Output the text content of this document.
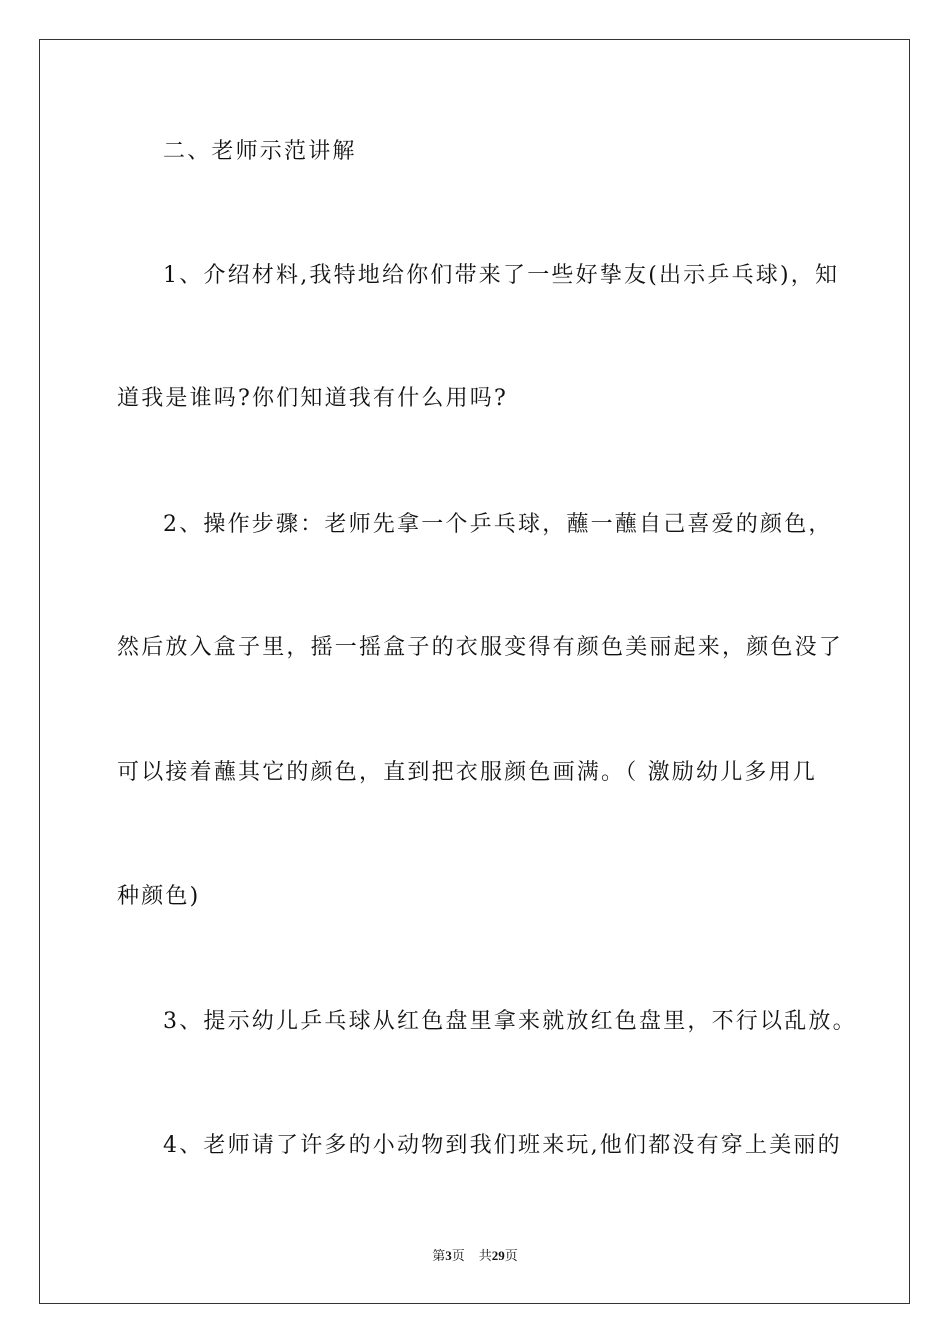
二、老师示范讲解
1、介绍材料,我特地给你们带来了一些好挚友(出示乒乓球)，知
道我是谁吗?你们知道我有什么用吗?
2、操作步骤：老师先拿一个乒乓球，蘸一蘸自己喜爱的颜色，
然后放入盒子里，摇一摇盒子的衣服变得有颜色美丽起来，颜色没了
可以接着蘸其它的颜色，直到把衣服颜色画满。（ 激励幼儿多用几
种颜色)
3、提示幼儿乒乓球从红色盘里拿来就放红色盘里，不行以乱放。
4、老师请了许多的小动物到我们班来玩,他们都没有穿上美丽的
第3页 共29页
